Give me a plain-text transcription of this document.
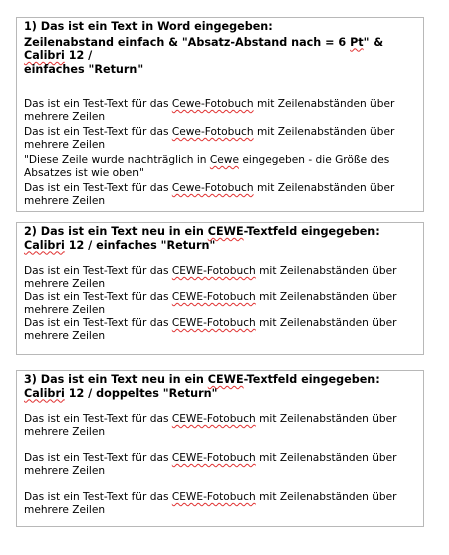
1) Das ist ein Text in Word eingegeben:
Zeilenabstand einfach & "Absatz-Abstand nach = 6 Pt" & Calibri 12 /
einfaches "Return"

Das ist ein Test-Text für das Cewe-Fotobuch mit Zeilenabständen über mehrere Zeilen

Das ist ein Test-Text für das Cewe-Fotobuch mit Zeilenabständen über mehrere Zeilen

"Diese Zeile wurde nachträglich in Cewe eingegeben - die Größe des Absatzes ist wie oben"

Das ist ein Test-Text für das Cewe-Fotobuch mit Zeilenabständen über mehrere Zeilen

2) Das ist ein Text neu in ein CEWE-Textfeld eingegeben:
Calibri 12 / einfaches "Return"

Das ist ein Test-Text für das CEWE-Fotobuch mit Zeilenabständen über mehrere Zeilen

Das ist ein Test-Text für das CEWE-Fotobuch mit Zeilenabständen über mehrere Zeilen

Das ist ein Test-Text für das CEWE-Fotobuch mit Zeilenabständen über mehrere Zeilen

3) Das ist ein Text neu in ein CEWE-Textfeld eingegeben:
Calibri 12 / doppeltes "Return"

Das ist ein Test-Text für das CEWE-Fotobuch mit Zeilenabständen über mehrere Zeilen

Das ist ein Test-Text für das CEWE-Fotobuch mit Zeilenabständen über mehrere Zeilen

Das ist ein Test-Text für das CEWE-Fotobuch mit Zeilenabständen über mehrere Zeilen
